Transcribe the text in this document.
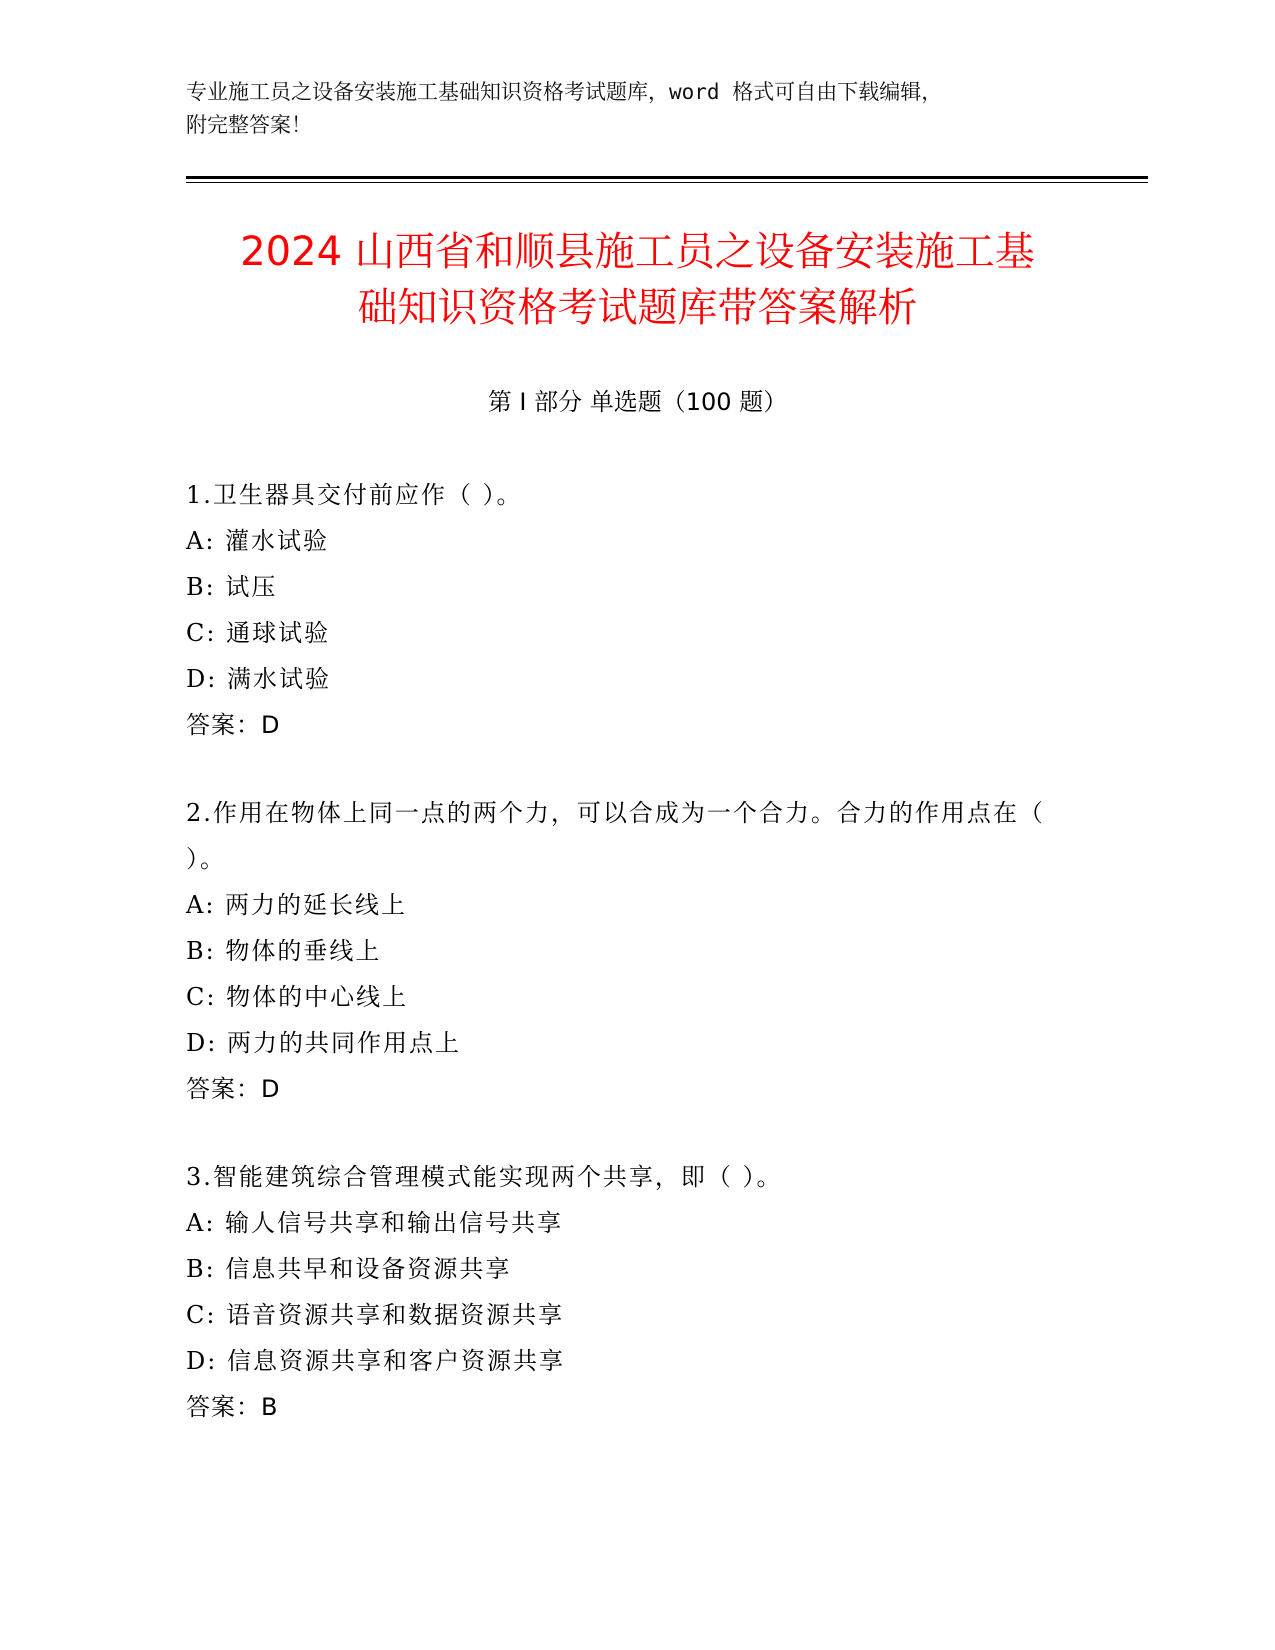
专业施工员之设备安装施工基础知识资格考试题库，word 格式可自由下载编辑，
附完整答案！
2024 山西省和顺县施工员之设备安装施工基
础知识资格考试题库带答案解析
第 I 部分 单选题（100 题）
1.卫生器具交付前应作（ ）。
A: 灌水试验
B: 试压
C: 通球试验
D: 满水试验
答案：D
2.作用在物体上同一点的两个力，可以合成为一个合力。合力的作用点在（ ）。
A: 两力的延长线上
B: 物体的垂线上
C: 物体的中心线上
D: 两力的共同作用点上
答案：D
3.智能建筑综合管理模式能实现两个共享，即（ ）。
A: 输人信号共享和输出信号共享
B: 信息共早和设备资源共享
C: 语音资源共享和数据资源共享
D: 信息资源共享和客户资源共享
答案：B
